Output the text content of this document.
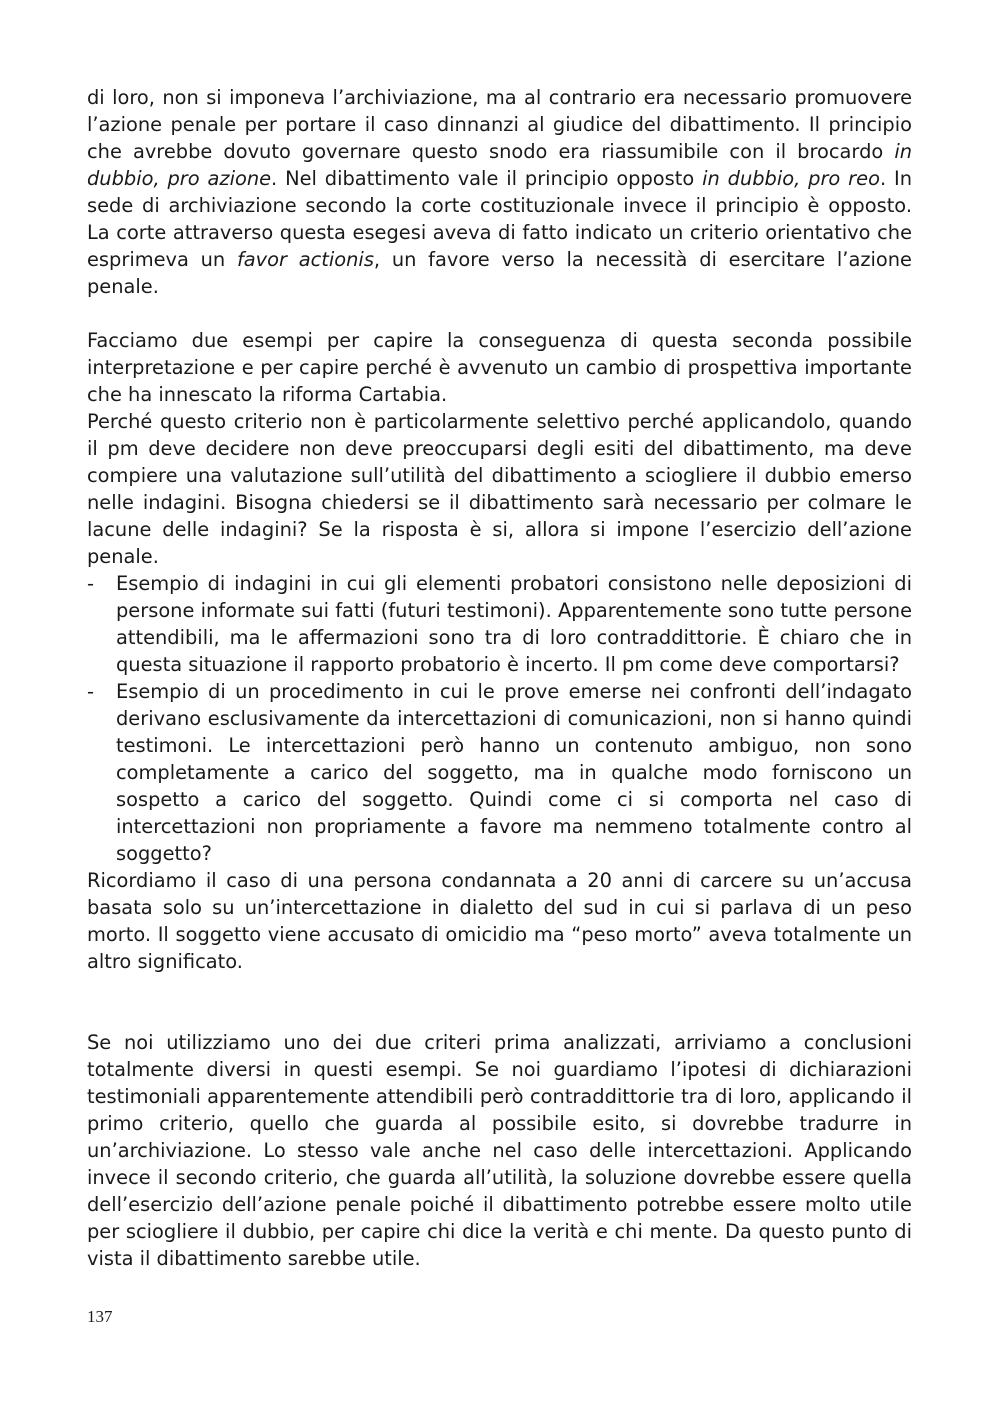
di loro, non si imponeva l’archiviazione, ma al contrario era necessario promuovere l’azione penale per portare il caso dinnanzi al giudice del dibattimento. Il principio che avrebbe dovuto governare questo snodo era riassumibile con il brocardo in dubbio, pro azione. Nel dibattimento vale il principio opposto in dubbio, pro reo. In sede di archiviazione secondo la corte costituzionale invece il principio è opposto. La corte attraverso questa esegesi aveva di fatto indicato un criterio orientativo che esprimeva un favor actionis, un favore verso la necessità di esercitare l’azione penale.

Facciamo due esempi per capire la conseguenza di questa seconda possibile interpretazione e per capire perché è avvenuto un cambio di prospettiva importante che ha innescato la riforma Cartabia.

Perché questo criterio non è particolarmente selettivo perché applicandolo, quando il pm deve decidere non deve preoccuparsi degli esiti del dibattimento, ma deve compiere una valutazione sull’utilità del dibattimento a sciogliere il dubbio emerso nelle indagini. Bisogna chiedersi se il dibattimento sarà necessario per colmare le lacune delle indagini? Se la risposta è si, allora si impone l’esercizio dell’azione penale.

- Esempio di indagini in cui gli elementi probatori consistono nelle deposizioni di persone informate sui fatti (futuri testimoni). Apparentemente sono tutte persone attendibili, ma le affermazioni sono tra di loro contraddittorie. È chiaro che in questa situazione il rapporto probatorio è incerto. Il pm come deve comportarsi?
- Esempio di un procedimento in cui le prove emerse nei confronti dell’indagato derivano esclusivamente da intercettazioni di comunicazioni, non si hanno quindi testimoni. Le intercettazioni però hanno un contenuto ambiguo, non sono completamente a carico del soggetto, ma in qualche modo forniscono un sospetto a carico del soggetto. Quindi come ci si comporta nel caso di intercettazioni non propriamente a favore ma nemmeno totalmente contro al soggetto?

Ricordiamo il caso di una persona condannata a 20 anni di carcere su un’accusa basata solo su un’intercettazione in dialetto del sud in cui si parlava di un peso morto. Il soggetto viene accusato di omicidio ma “peso morto” aveva totalmente un altro significato.

Se noi utilizziamo uno dei due criteri prima analizzati, arriviamo a conclusioni totalmente diversi in questi esempi. Se noi guardiamo l’ipotesi di dichiarazioni testimoniali apparentemente attendibili però contraddittorie tra di loro, applicando il primo criterio, quello che guarda al possibile esito, si dovrebbe tradurre in un’archiviazione. Lo stesso vale anche nel caso delle intercettazioni. Applicando invece il secondo criterio, che guarda all’utilità, la soluzione dovrebbe essere quella dell’esercizio dell’azione penale poiché il dibattimento potrebbe essere molto utile per sciogliere il dubbio, per capire chi dice la verità e chi mente. Da questo punto di vista il dibattimento sarebbe utile.

137
